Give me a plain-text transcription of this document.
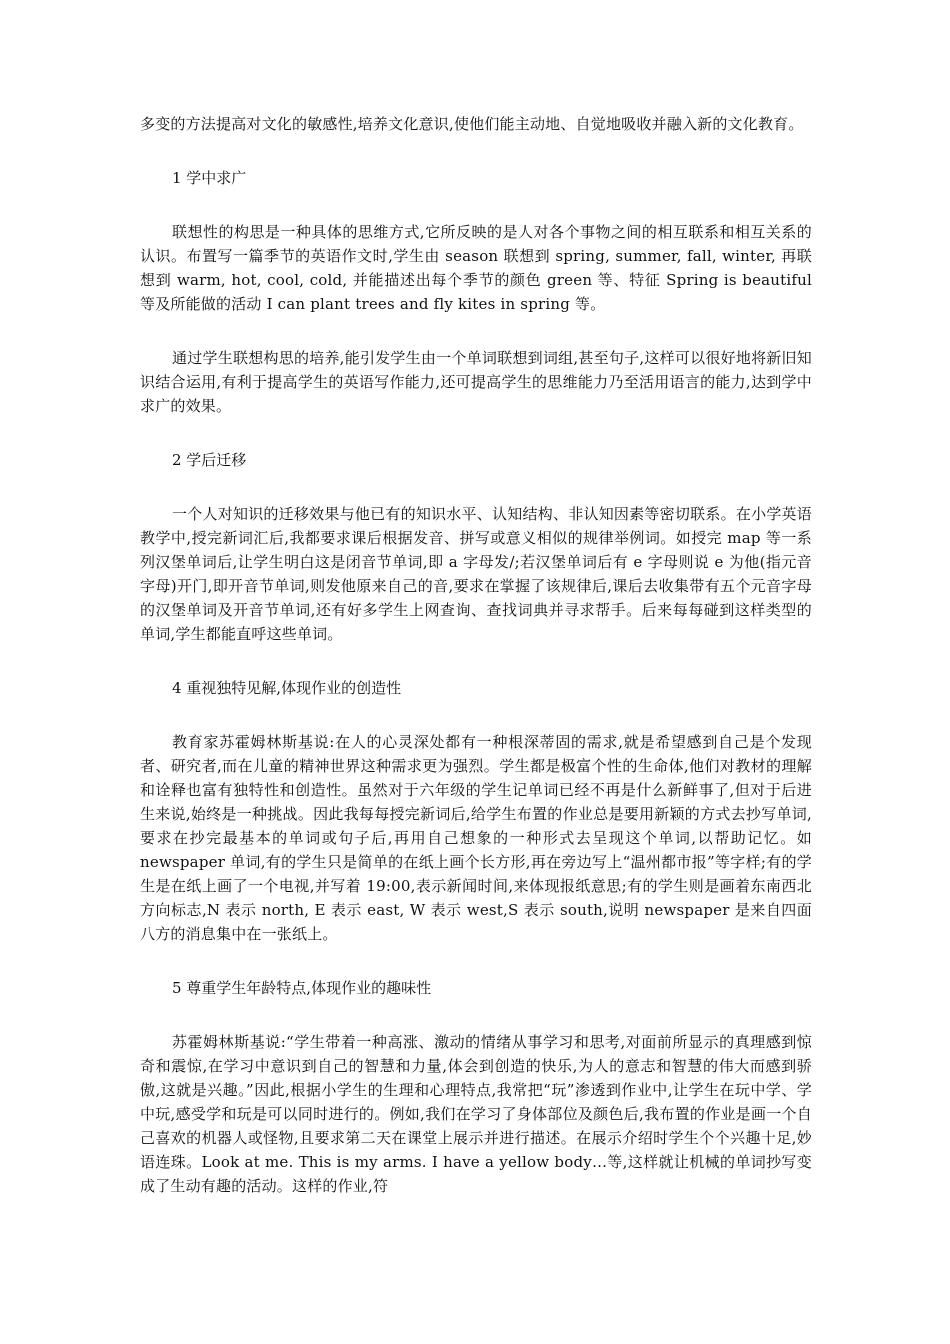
多变的方法提高对文化的敏感性,培养文化意识,使他们能主动地、自觉地吸收并融入新的文化教育。

1 学中求广

联想性的构思是一种具体的思维方式,它所反映的是人对各个事物之间的相互联系和相互关系的认识。布置写一篇季节的英语作文时,学生由 season 联想到 spring, summer, fall, winter, 再联想到 warm, hot, cool, cold, 并能描述出每个季节的颜色 green 等、特征 Spring is beautiful 等及所能做的活动 I can plant trees and fly kites in spring 等。

通过学生联想构思的培养,能引发学生由一个单词联想到词组,甚至句子,这样可以很好地将新旧知识结合运用,有利于提高学生的英语写作能力,还可提高学生的思维能力乃至活用语言的能力,达到学中求广的效果。

2 学后迁移

一个人对知识的迁移效果与他已有的知识水平、认知结构、非认知因素等密切联系。在小学英语教学中,授完新词汇后,我都要求课后根据发音、拼写或意义相似的规律举例词。如授完 map 等一系列汉堡单词后,让学生明白这是闭音节单词,即 a 字母发/;若汉堡单词后有 e 字母则说 e 为他(指元音字母)开门,即开音节单词,则发他原来自己的音,要求在掌握了该规律后,课后去收集带有五个元音字母的汉堡单词及开音节单词,还有好多学生上网查询、查找词典并寻求帮手。后来每每碰到这样类型的单词,学生都能直呼这些单词。

4 重视独特见解,体现作业的创造性

教育家苏霍姆林斯基说:在人的心灵深处都有一种根深蒂固的需求,就是希望感到自己是个发现者、研究者,而在儿童的精神世界这种需求更为强烈。学生都是极富个性的生命体,他们对教材的理解和诠释也富有独特性和创造性。虽然对于六年级的学生记单词已经不再是什么新鲜事了,但对于后进生来说,始终是一种挑战。因此我每每授完新词后,给学生布置的作业总是要用新颖的方式去抄写单词,要求在抄完最基本的单词或句子后,再用自己想象的一种形式去呈现这个单词,以帮助记忆。如 newspaper 单词,有的学生只是简单的在纸上画个长方形,再在旁边写上“温州都市报”等字样;有的学生是在纸上画了一个电视,并写着 19:00,表示新闻时间,来体现报纸意思;有的学生则是画着东南西北方向标志,N 表示 north, E 表示 east, W 表示 west,S 表示 south,说明 newspaper 是来自四面八方的消息集中在一张纸上。

5 尊重学生年龄特点,体现作业的趣味性

苏霍姆林斯基说:“学生带着一种高涨、激动的情绪从事学习和思考,对面前所显示的真理感到惊奇和震惊,在学习中意识到自己的智慧和力量,体会到创造的快乐,为人的意志和智慧的伟大而感到骄傲,这就是兴趣。”因此,根据小学生的生理和心理特点,我常把“玩”渗透到作业中,让学生在玩中学、学中玩,感受学和玩是可以同时进行的。例如,我们在学习了身体部位及颜色后,我布置的作业是画一个自己喜欢的机器人或怪物,且要求第二天在课堂上展示并进行描述。在展示介绍时学生个个兴趣十足,妙语连珠。Look at me. This is my arms. I have a yellow body…等,这样就让机械的单词抄写变成了生动有趣的活动。这样的作业,符
